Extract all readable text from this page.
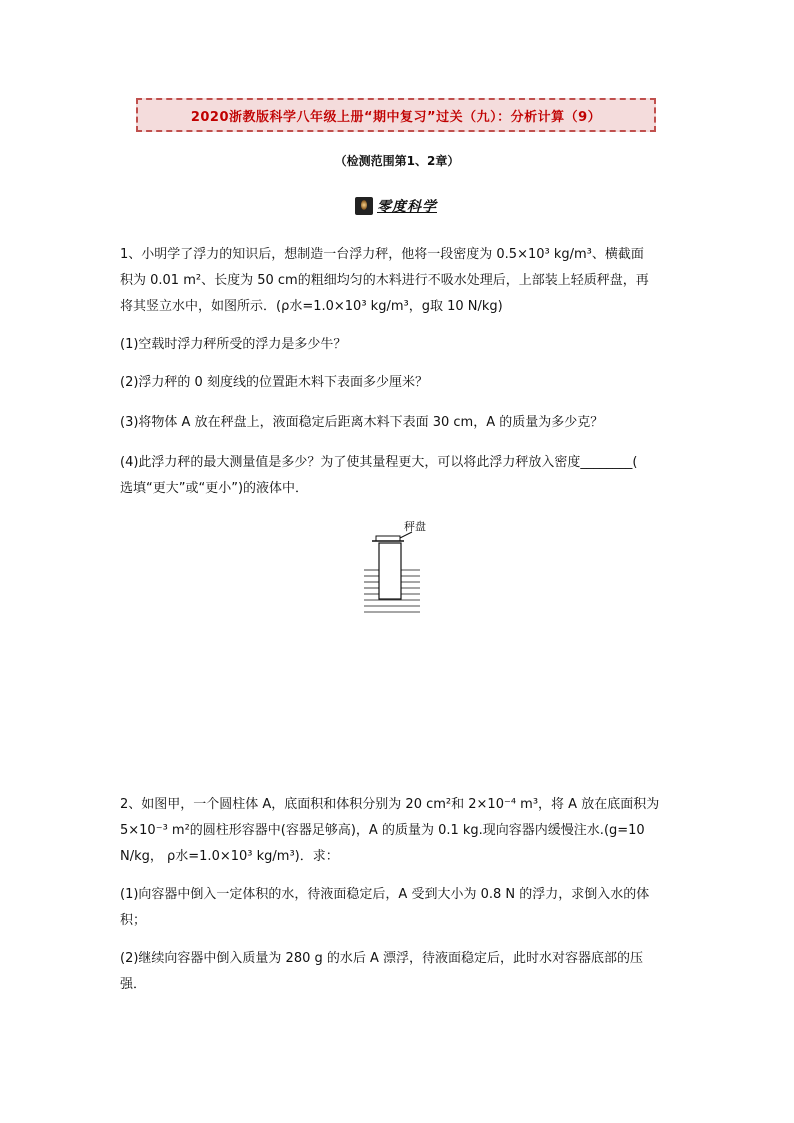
2020浙教版科学八年级上册“期中复习”过关（九）：分析计算（9）
（检测范围第1、2章）
零度科学
1、小明学了浮力的知识后，想制造一台浮力秤，他将一段密度为 0.5×10³ kg/m³、横截面
积为 0.01 m²、长度为 50 cm的粗细均匀的木料进行不吸水处理后，上部装上轻质秤盘，再
将其竖立水中，如图所示．(ρ水=1.0×10³ kg/m³，g取 10 N/kg)
(1)空载时浮力秤所受的浮力是多少牛？
(2)浮力秤的 0 刻度线的位置距木料下表面多少厘米？
(3)将物体 A 放在秤盘上，液面稳定后距离木料下表面 30 cm，A 的质量为多少克？
(4)此浮力秤的最大测量值是多少？为了使其量程更大，可以将此浮力秤放入密度________(
选填“更大”或“更小”)的液体中．
秤盘
2、如图甲，一个圆柱体 A，底面积和体积分别为 20 cm²和 2×10⁻⁴ m³，将 A 放在底面积为
5×10⁻³ m²的圆柱形容器中(容器足够高)，A 的质量为 0.1 kg.现向容器内缓慢注水.(g=10
N/kg， ρ水=1.0×10³ kg/m³)．求：
(1)向容器中倒入一定体积的水，待液面稳定后，A 受到大小为 0.8 N 的浮力，求倒入水的体
积；
(2)继续向容器中倒入质量为 280 g 的水后 A 漂浮，待液面稳定后，此时水对容器底部的压
强．
